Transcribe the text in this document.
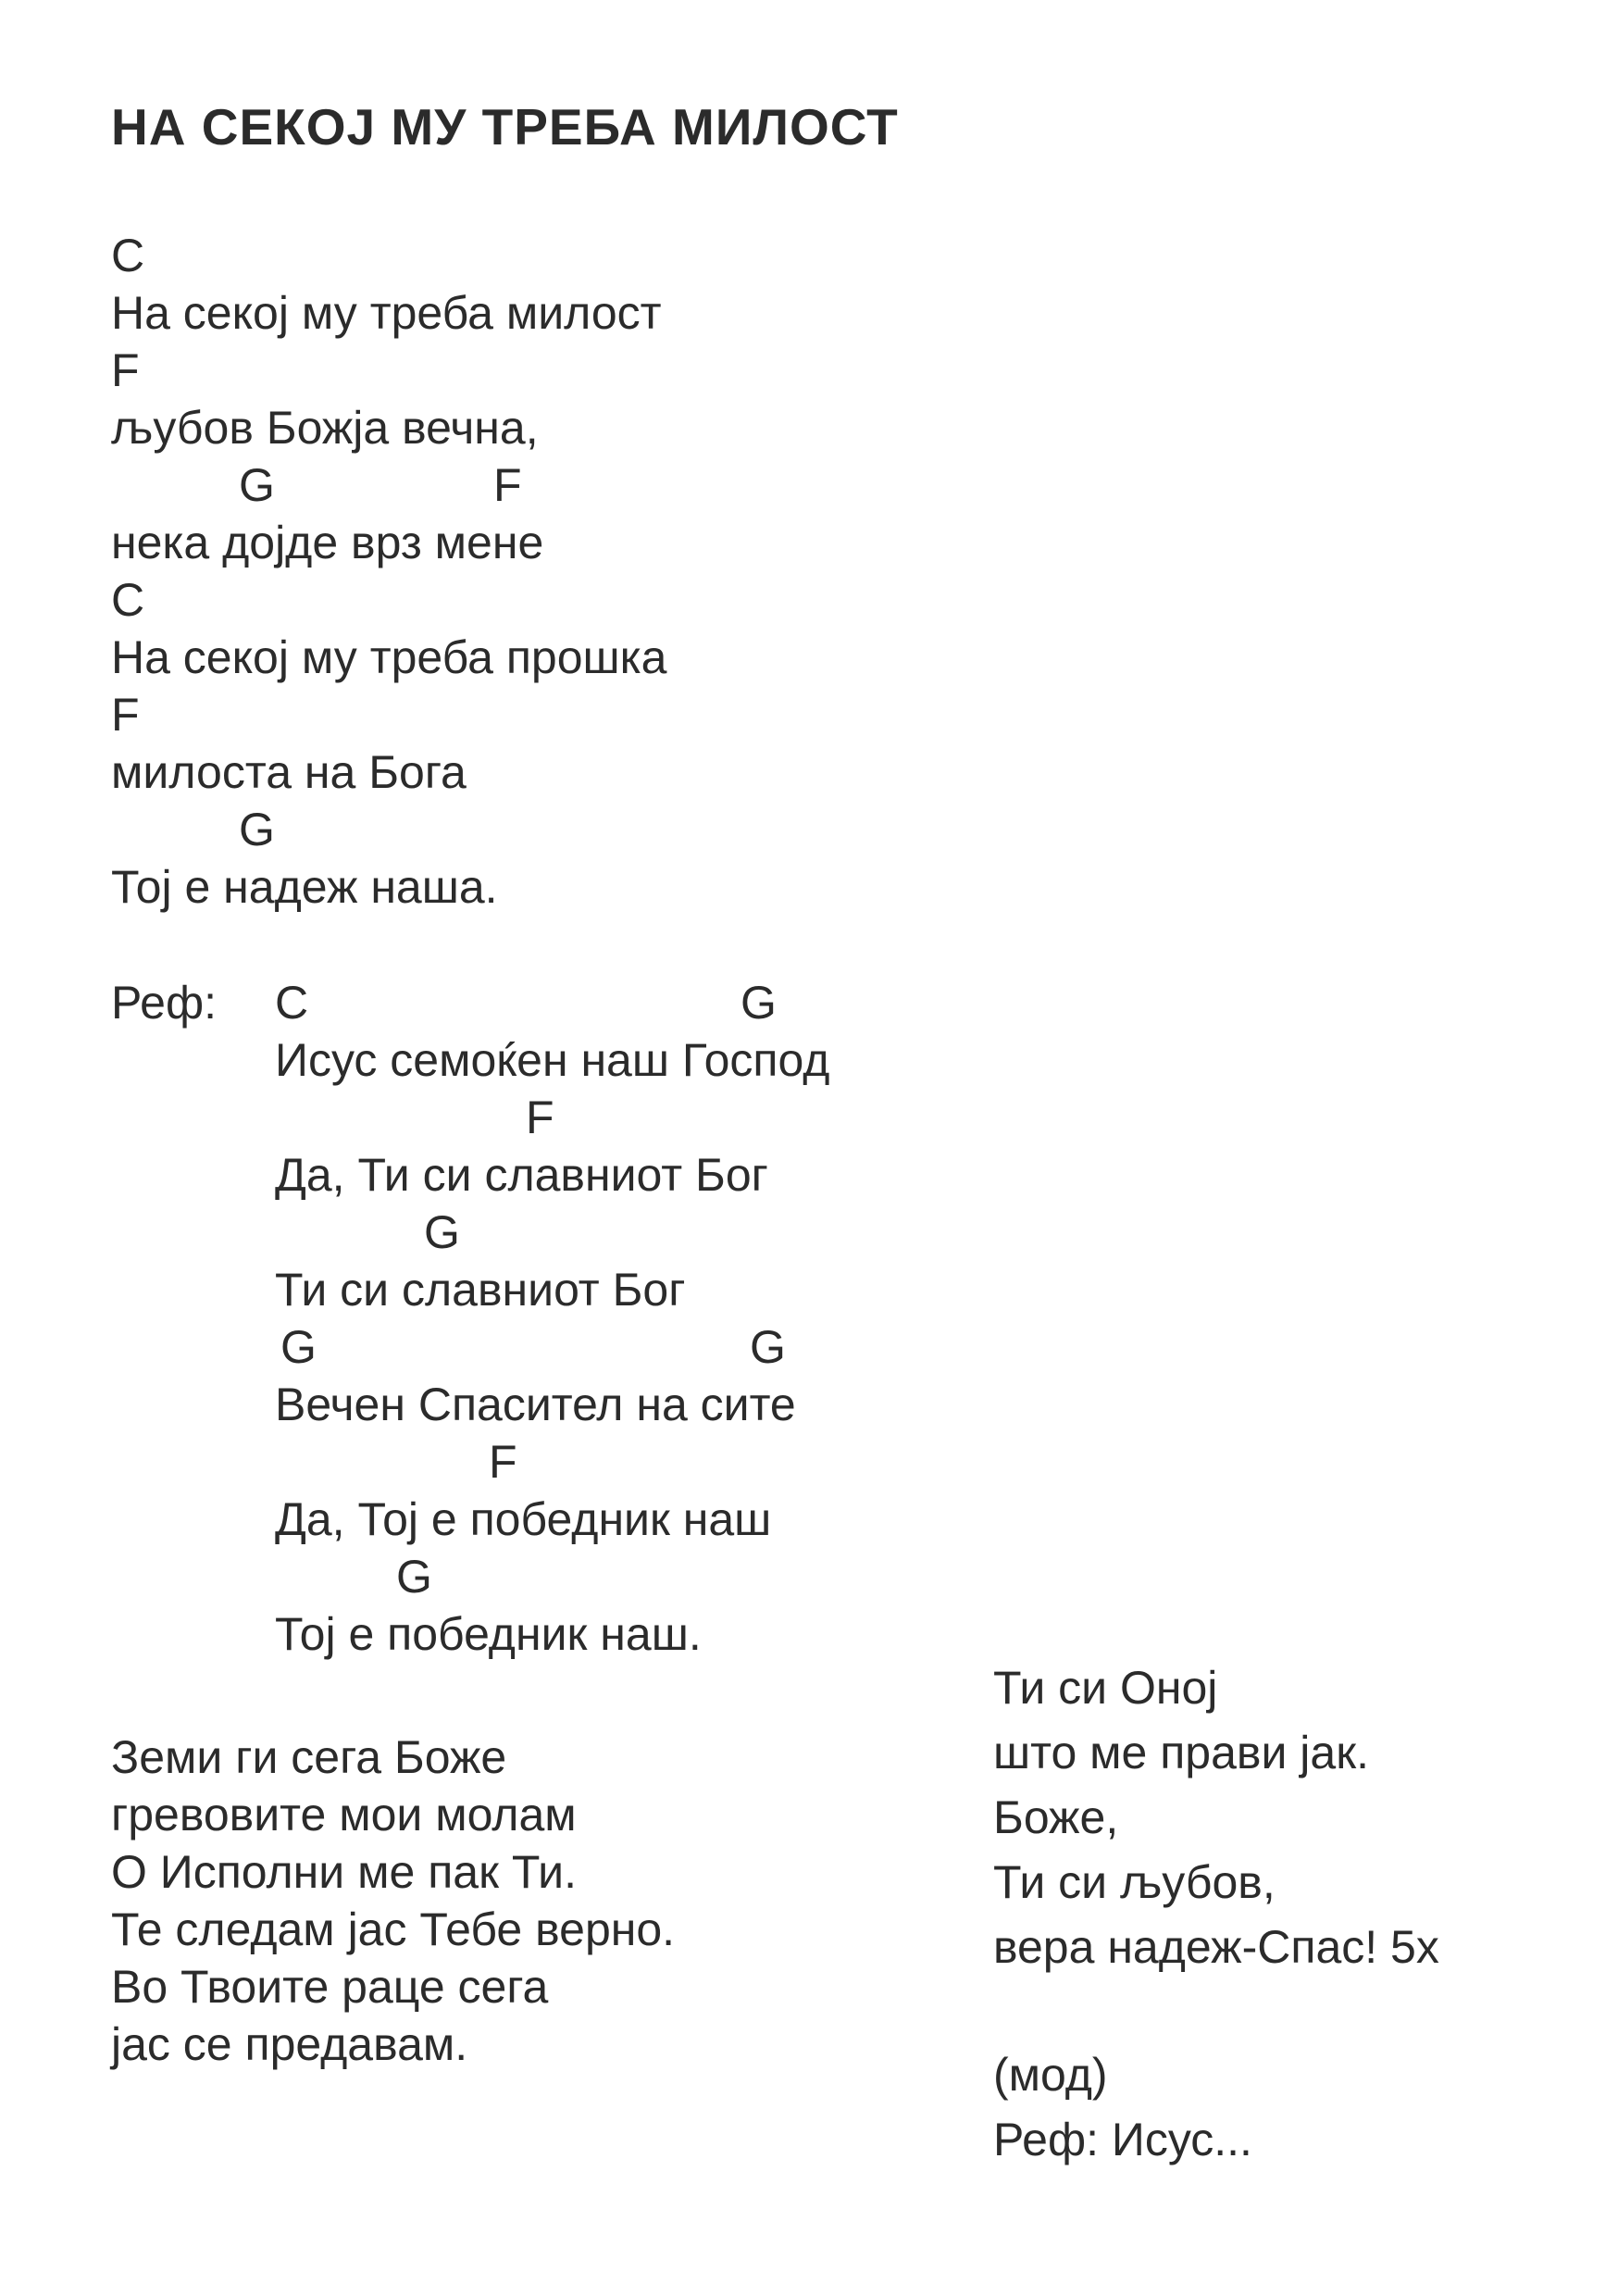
НА СЕКОЈ МУ ТРЕБА МИЛОСТ
C
На секој му треба милост
F
љубов Божја вечна,
G	F
нека дојде врз мене
C
На секој му треба прошка
F
милоста на Бога
G
Тој е надеж наша.
Реф: C	G
Исус семоќен наш Господ
F
Да, Ти си славниот Бог
G
Ти си славниот Бог
G	G
Вечен Спасител на сите
F
Да, Тој е победник наш
G
Тој е победник наш.
Земи ги сега Боже
гревовите мои молам
О Исполни ме пак Ти.
Те следам јас Тебе верно.
Во Твоите раце сега
јас се предавам.
Ти си Оној
што ме прави јак.
Боже,
Ти си љубов,
вера надеж-Спас! 5x
(мод)
Реф: Исус...
